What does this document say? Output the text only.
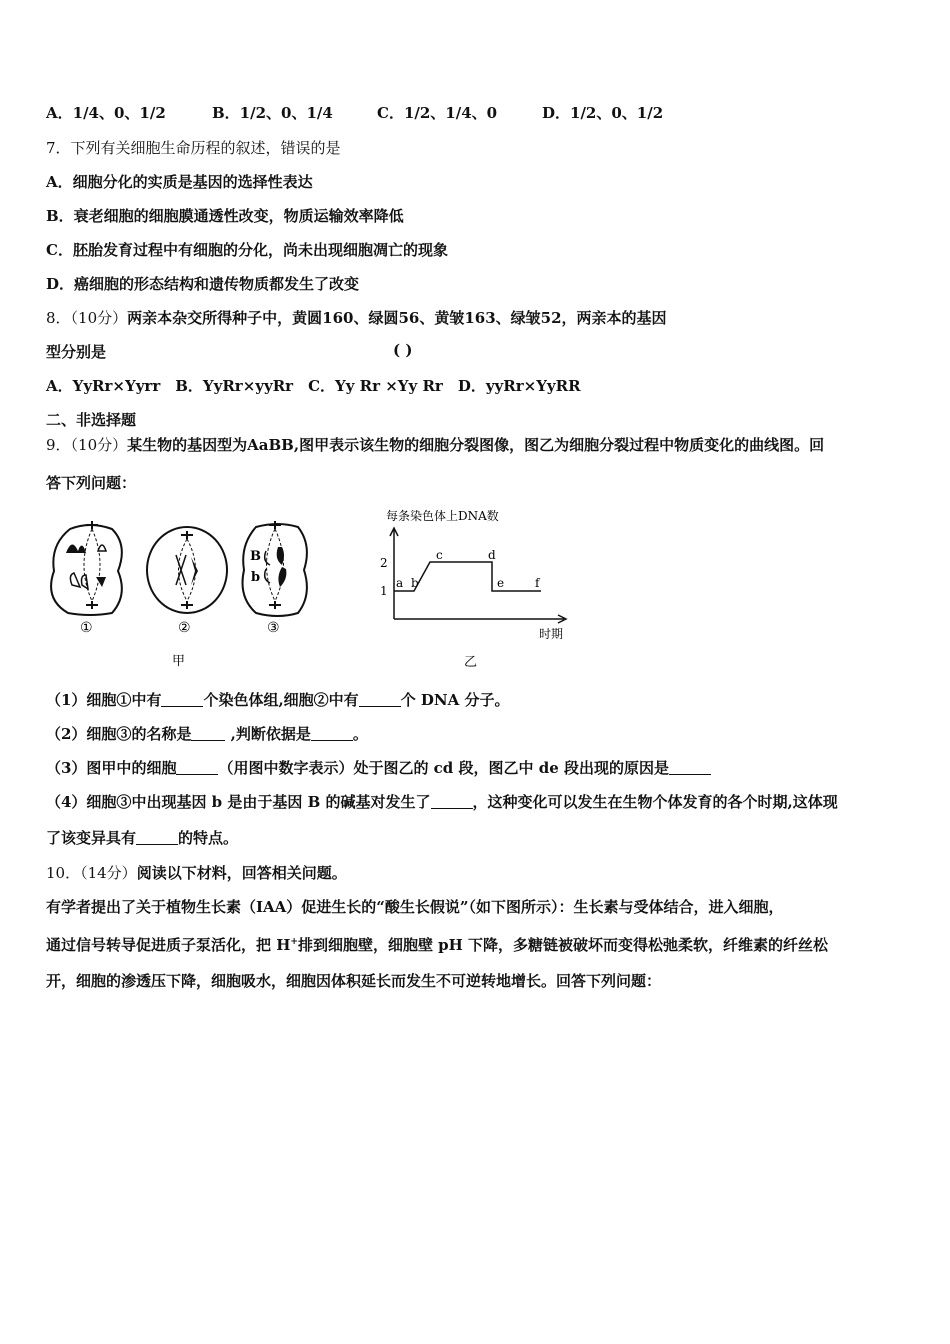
A．1/4、0、1/2	B．1/2、0、1/4	C．1/2、1/4、0	D．1/2、0、1/2
7．下列有关细胞生命历程的叙述，错误的是
A．细胞分化的实质是基因的选择性表达
B．衰老细胞的细胞膜通透性改变，物质运输效率降低
C．胚胎发育过程中有细胞的分化，尚未出现细胞凋亡的现象
D．癌细胞的形态结构和遗传物质都发生了改变
8．（10分）两亲本杂交所得种子中，黄圆160、绿圆56、黄皱163、绿皱52，两亲本的基因
型分别是	( )
A．YyRr×Yyrr　B．YyRr×yyRr　C．Yy Rr ×Yy Rr　D．yyRr×YyRR
二、非选择题
9．（10分）某生物的基因型为AaBB,图甲表示该生物的细胞分裂图像，图乙为细胞分裂过程中物质变化的曲线图。回
答下列问题：
B
b
①	②	③
甲
每条染色体上DNA数
2
1
a b
c	d
e	f
时期
乙
（1）细胞①中有	个染色体组,细胞②中有	个 DNA 分子。
（2）细胞③的名称是 ,判断依据是	。
（3）图甲中的细胞	（用图中数字表示）处于图乙的 cd 段，图乙中 de 段出现的原因是
（4）细胞③中出现基因 b 是由于基因 B 的碱基对发生了	，这种变化可以发生在生物个体发育的各个时期,这体现
了该变异具有	的特点。
10．（14分）阅读以下材料，回答相关问题。
有学者提出了关于植物生长素（IAA）促进生长的“酸生长假说”（如下图所示）：生长素与受体结合，进入细胞，
通过信号转导促进质子泵活化，把 H+排到细胞壁，细胞壁 pH 下降，多糖链被破坏而变得松弛柔软，纤维素的纤丝松
开，细胞的渗透压下降，细胞吸水，细胞因体积延长而发生不可逆转地增长。回答下列问题：
